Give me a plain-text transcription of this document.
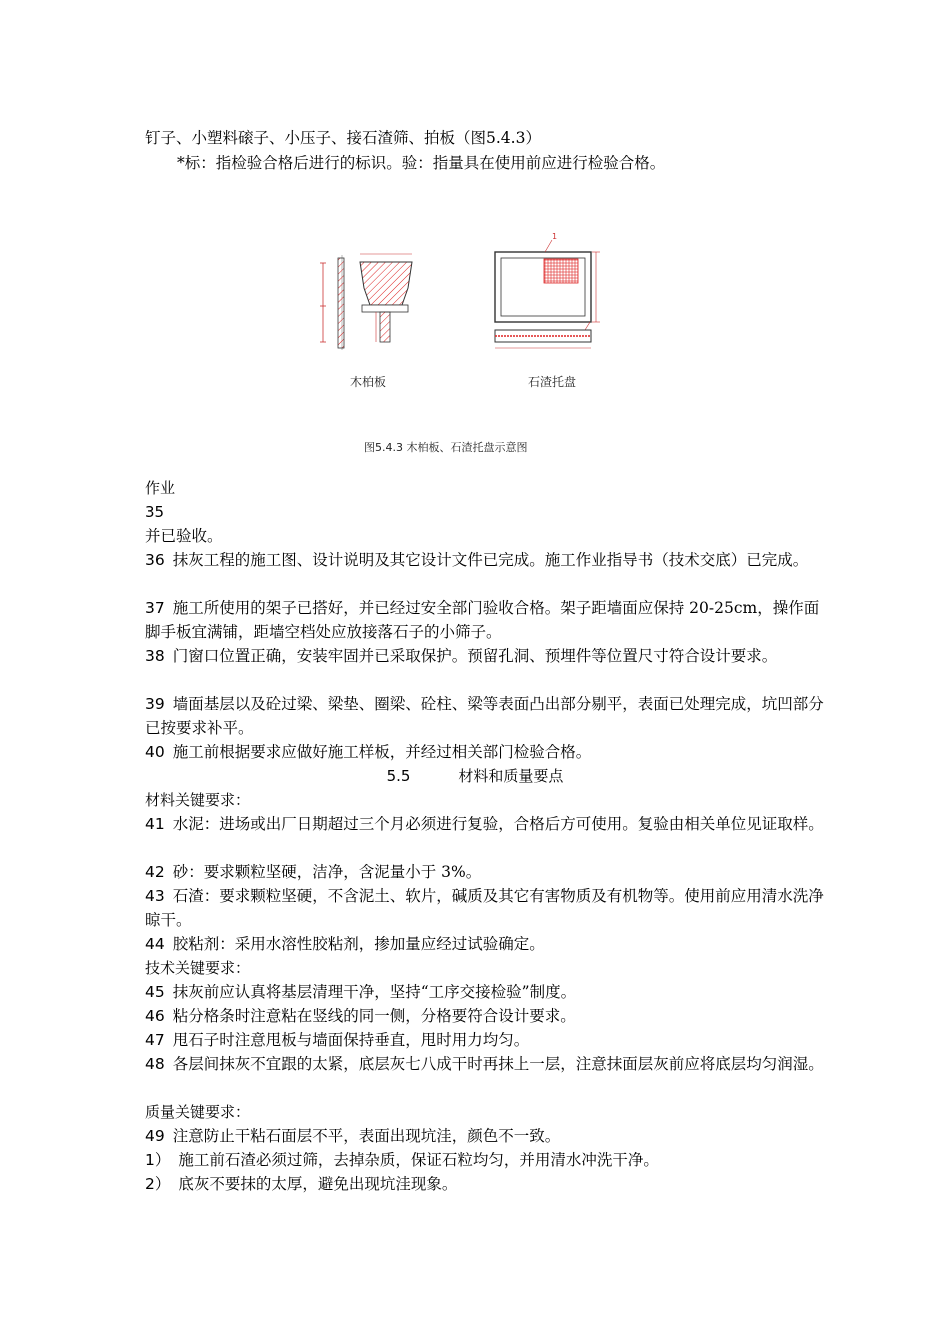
钉子、小塑料磙子、小压子、接石渣筛、拍板（图5.4.3）
*标：指检验合格后进行的标识。验：指量具在使用前应进行检验合格。
1
木柏板	石渣托盘
图5.4.3 木柏板、石渣托盘示意图
作业
35
并已验收。
36 抹灰工程的施工图、设计说明及其它设计文件已完成。施工作业指导书（技术交底）已完成。
37 施工所使用的架子已搭好，并已经过安全部门验收合格。架子距墙面应保持 20-25cm，操作面脚手板宜满铺，距墙空档处应放接落石子的小筛子。
38 门窗口位置正确，安装牢固并已采取保护。预留孔洞、预埋件等位置尺寸符合设计要求。
39 墙面基层以及砼过梁、梁垫、圈梁、砼柱、梁等表面凸出部分剔平，表面已处理完成，坑凹部分已按要求补平。
40 施工前根据要求应做好施工样板，并经过相关部门检验合格。
5.5	材料和质量要点
材料关键要求：
41 水泥：进场或出厂日期超过三个月必须进行复验，合格后方可使用。复验由相关单位见证取样。
42 砂：要求颗粒坚硬，洁净，含泥量小于 3%。
43 石渣：要求颗粒坚硬，不含泥土、软片，碱质及其它有害物质及有机物等。使用前应用清水洗净晾干。
44 胶粘剂：采用水溶性胶粘剂，掺加量应经过试验确定。
技术关键要求：
45 抹灰前应认真将基层清理干净，坚持“工序交接检验”制度。
46 粘分格条时注意粘在竖线的同一侧，分格要符合设计要求。
47 甩石子时注意甩板与墙面保持垂直，甩时用力均匀。
48 各层间抹灰不宜跟的太紧，底层灰七八成干时再抹上一层，注意抹面层灰前应将底层均匀润湿。
质量关键要求：
49 注意防止干粘石面层不平，表面出现坑洼，颜色不一致。
1） 施工前石渣必须过筛，去掉杂质，保证石粒均匀，并用清水冲洗干净。
2） 底灰不要抹的太厚，避免出现坑洼现象。
